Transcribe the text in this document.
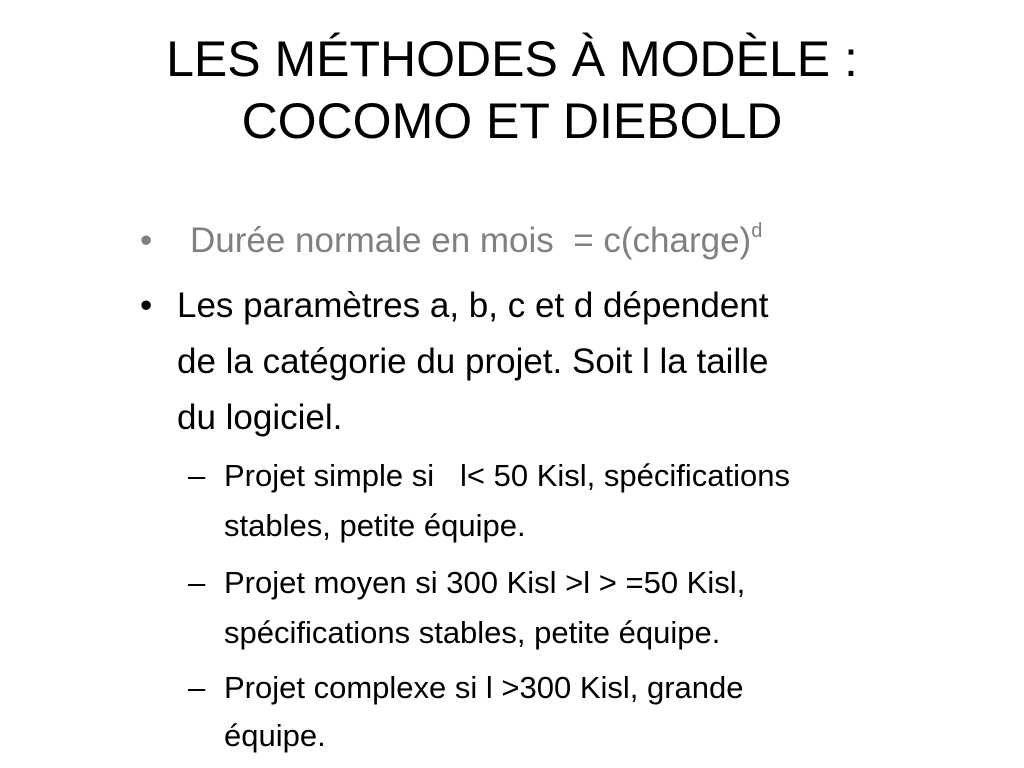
LES MÉTHODES À MODÈLE :
COCOMO ET DIEBOLD
• Durée normale en mois  = c(charge)$^d$
• Les paramètres a, b, c et d dépendent
de la catégorie du projet. Soit l la taille
du logiciel.
– Projet simple si   l< 50 Kisl, spécifications
stables, petite équipe.
– Projet moyen si 300 Kisl >l > =50 Kisl,
spécifications stables, petite équipe.
– Projet complexe si l >300 Kisl, grande
équipe.
